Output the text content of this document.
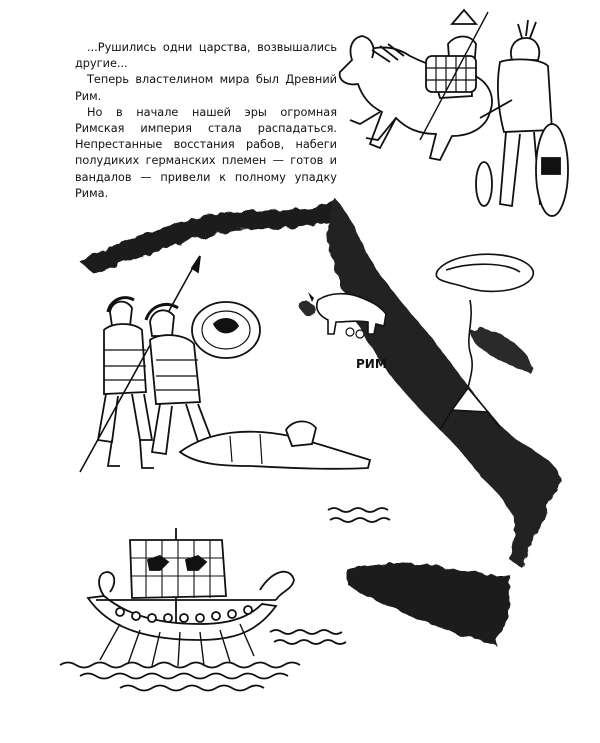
...Рушились одни царства, возвышались другие...

Теперь властелином мира был Древний Рим.

Но в начале нашей эры огромная Римская империя стала распадаться. Непрестанные восстания рабов, набеги полудиких германских племен — готов и вандалов — привели к полному упадку Рима.

РИМ
